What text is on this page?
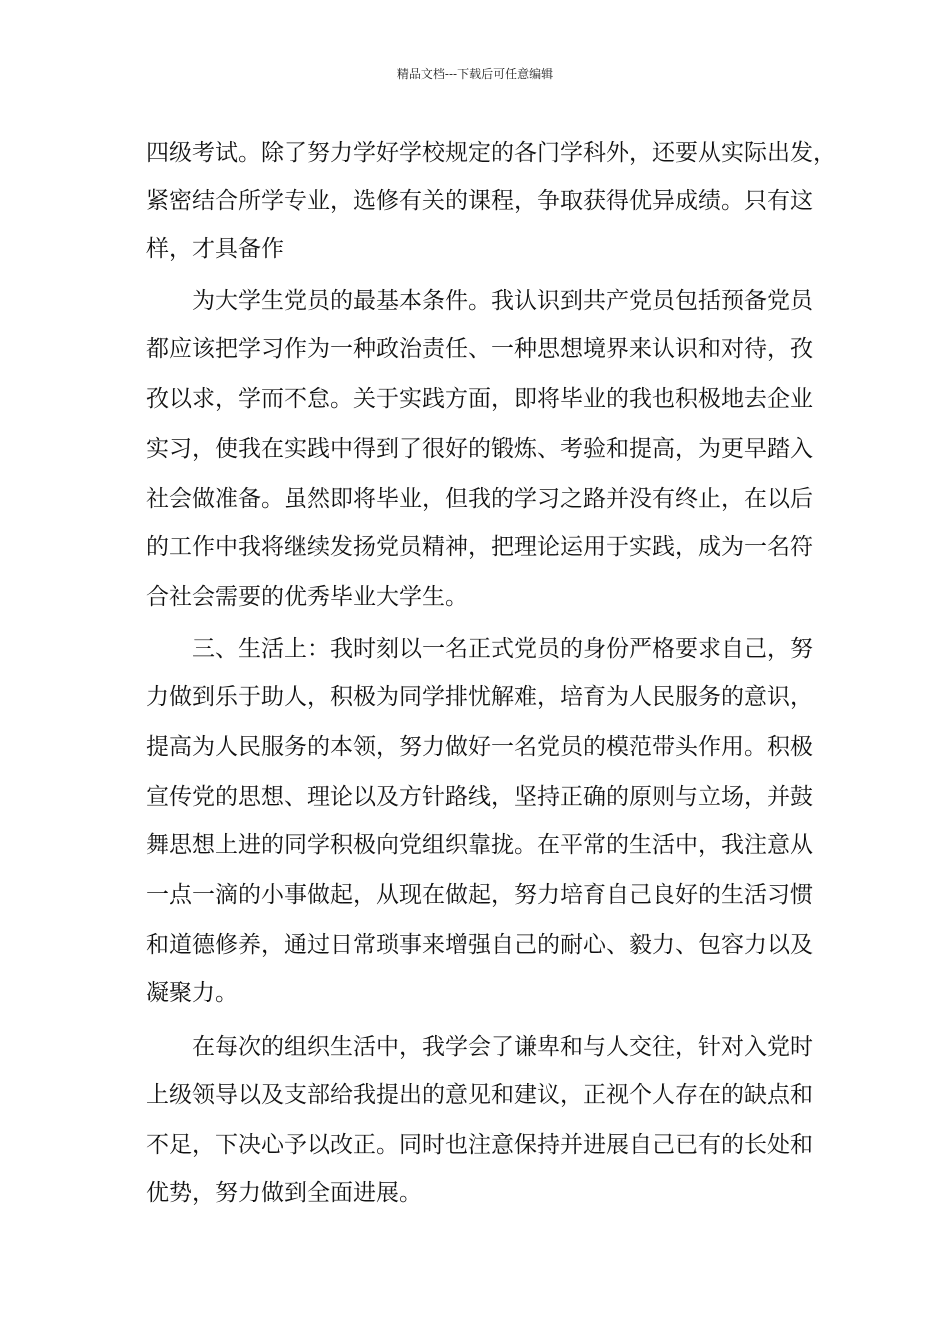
精品文档---下载后可任意编辑
四级考试。除了努力学好学校规定的各门学科外，还要从实际出发，
紧密结合所学专业，选修有关的课程，争取获得优异成绩。只有这
样，才具备作
为大学生党员的最基本条件。我认识到共产党员包括预备党员
都应该把学习作为一种政治责任、一种思想境界来认识和对待，孜
孜以求，学而不怠。关于实践方面，即将毕业的我也积极地去企业
实习，使我在实践中得到了很好的锻炼、考验和提高，为更早踏入
社会做准备。虽然即将毕业，但我的学习之路并没有终止，在以后
的工作中我将继续发扬党员精神，把理论运用于实践，成为一名符
合社会需要的优秀毕业大学生。
三、生活上：我时刻以一名正式党员的身份严格要求自己，努
力做到乐于助人，积极为同学排忧解难，培育为人民服务的意识，
提高为人民服务的本领，努力做好一名党员的模范带头作用。积极
宣传党的思想、理论以及方针路线，坚持正确的原则与立场，并鼓
舞思想上进的同学积极向党组织靠拢。在平常的生活中，我注意从
一点一滴的小事做起，从现在做起，努力培育自己良好的生活习惯
和道德修养，通过日常琐事来增强自己的耐心、毅力、包容力以及
凝聚力。
在每次的组织生活中，我学会了谦卑和与人交往，针对入党时
上级领导以及支部给我提出的意见和建议，正视个人存在的缺点和
不足，下决心予以改正。同时也注意保持并进展自己已有的长处和
优势，努力做到全面进展。
